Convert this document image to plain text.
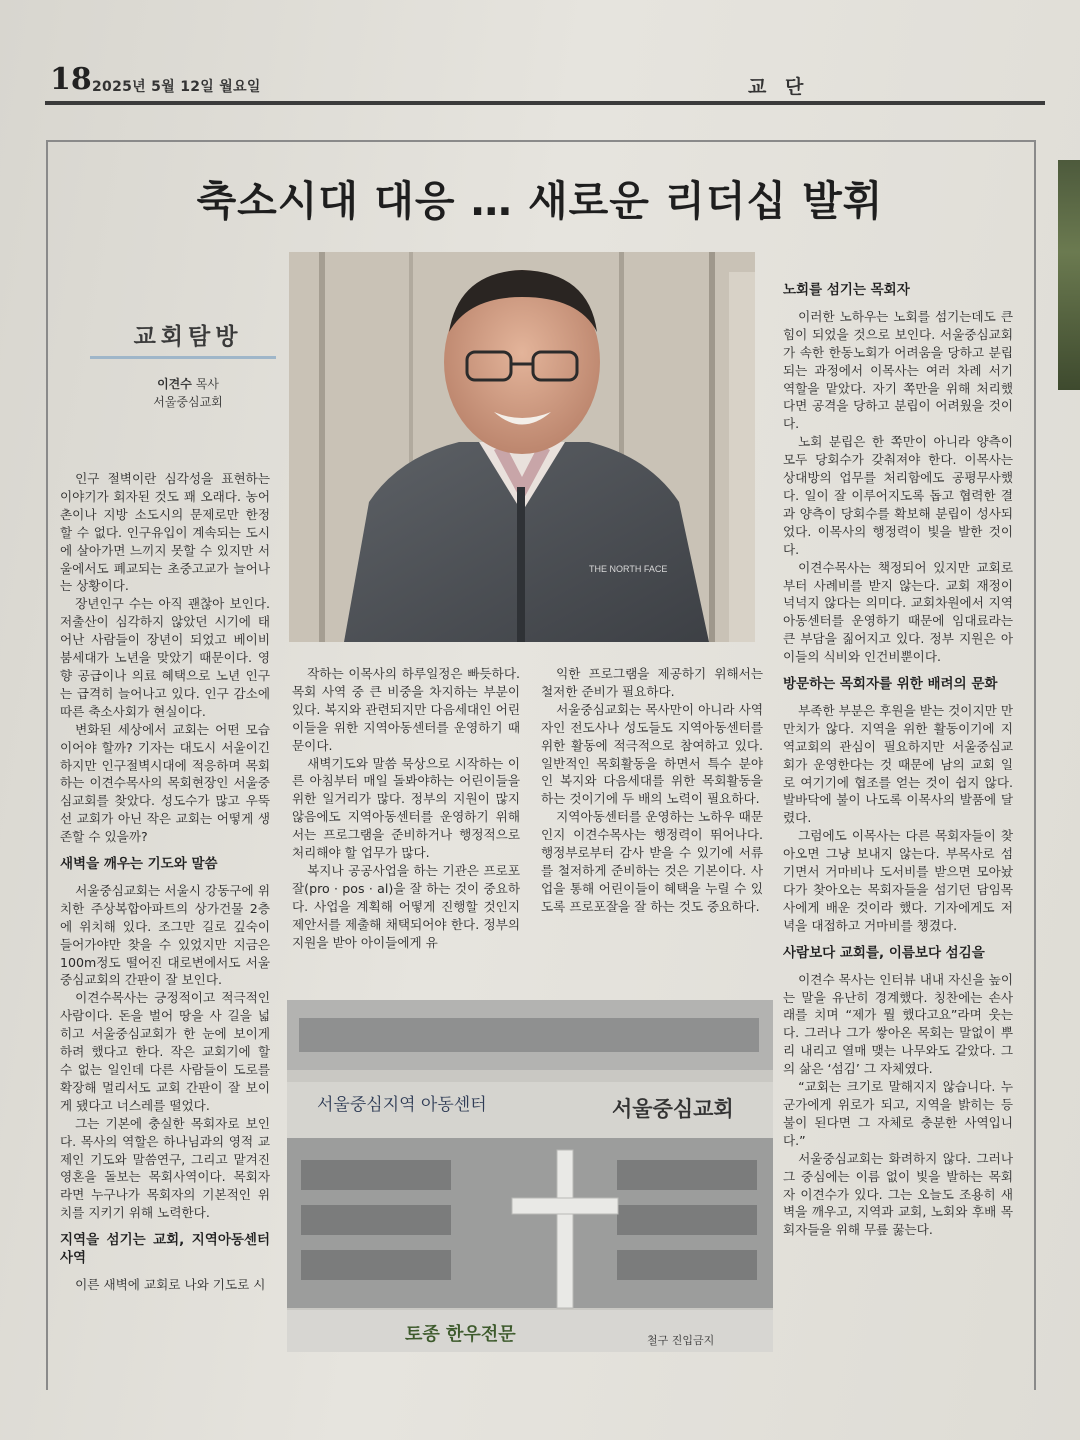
18 2025년 5월 12일 월요일	교 단
축소시대 대응 … 새로운 리더십 발휘
교회탐방
이견수 목사
서울중심교회
THE NORTH FACE
서울중심지역 아동센터	서울중심교회
토종 한우전문	철구 진입금지

인구 절벽이란 심각성을 표현하는 이야기가 회자된 것도 꽤 오래다. 농어촌이나 지방 소도시의 문제로만 한정할 수 없다. 인구유입이 계속되는 도시에 살아가면 느끼지 못할 수 있지만 서울에서도 폐교되는 초중고교가 늘어나는 상황이다.

장년인구 수는 아직 괜찮아 보인다. 저출산이 심각하지 않았던 시기에 태어난 사람들이 장년이 되었고 베이비붐세대가 노년을 맞았기 때문이다. 영향 공급이나 의료 혜택으로 노년 인구는 급격히 늘어나고 있다. 인구 감소에 따른 축소사회가 현실이다.

변화된 세상에서 교회는 어떤 모습이어야 할까? 기자는 대도시 서울이긴 하지만 인구절벽시대에 적응하며 목회하는 이견수목사의 목회현장인 서울중심교회를 찾았다. 성도수가 많고 우뚝 선 교회가 아닌 작은 교회는 어떻게 생존할 수 있을까?

새벽을 깨우는 기도와 말씀

서울중심교회는 서울시 강동구에 위치한 주상복합아파트의 상가건물 2층에 위치해 있다. 조그만 길로 깊숙이 들어가야만 찾을 수 있었지만 지금은 100m정도 떨어진 대로변에서도 서울중심교회의 간판이 잘 보인다.

이견수목사는 긍정적이고 적극적인 사람이다. 돈을 벌어 땅을 사 길을 넓히고 서울중심교회가 한 눈에 보이게 하려 했다고 한다. 작은 교회기에 할 수 없는 일인데 다른 사람들이 도로를 확장해 멀리서도 교회 간판이 잘 보이게 됐다고 너스레를 떨었다.

그는 기본에 충실한 목회자로 보인다. 목사의 역할은 하나님과의 영적 교제인 기도와 말씀연구, 그리고 맡겨진 영혼을 돌보는 목회사역이다. 목회자라면 누구나가 목회자의 기본적인 위치를 지키기 위해 노력한다.

지역을 섬기는 교회, 지역아동센터 사역

이른 새벽에 교회로 나와 기도로 시

작하는 이목사의 하루일정은 빠듯하다. 목회 사역 중 큰 비중을 차지하는 부분이 있다. 복지와 관련되지만 다음세대인 어린이들을 위한 지역아동센터를 운영하기 때문이다.

새벽기도와 말씀 묵상으로 시작하는 이른 아침부터 매일 돌봐야하는 어린이들을 위한 일거리가 많다. 정부의 지원이 많지 않음에도 지역아동센터를 운영하기 위해서는 프로그램을 준비하거나 행정적으로 처리해야 할 업무가 많다.

복지나 공공사업을 하는 기관은 프로포잘(pro · pos · al)을 잘 하는 것이 중요하다. 사업을 계획해 어떻게 진행할 것인지 제안서를 제출해 채택되어야 한다. 정부의 지원을 받아 아이들에게 유

익한 프로그램을 제공하기 위해서는 철저한 준비가 필요하다.

서울중심교회는 목사만이 아니라 사역자인 전도사나 성도들도 지역아동센터를 위한 활동에 적극적으로 참여하고 있다. 일반적인 목회활동을 하면서 특수 분야인 복지와 다음세대를 위한 목회활동을 하는 것이기에 두 배의 노력이 필요하다.

지역아동센터를 운영하는 노하우 때문인지 이견수목사는 행정력이 뛰어나다. 행정부로부터 감사 받을 수 있기에 서류를 철저하게 준비하는 것은 기본이다. 사업을 통해 어린이들이 혜택을 누릴 수 있도록 프로포잘을 잘 하는 것도 중요하다.

노회를 섬기는 목회자

이러한 노하우는 노회를 섬기는데도 큰 힘이 되었을 것으로 보인다. 서울중심교회가 속한 한동노회가 어려움을 당하고 분립되는 과정에서 이목사는 여러 차례 서기 역할을 맡았다. 자기 쪽만을 위해 처리했다면 공격을 당하고 분립이 어려웠을 것이다.

노회 분립은 한 쪽만이 아니라 양측이 모두 당회수가 갖춰져야 한다. 이목사는 상대방의 업무를 처리함에도 공평무사했다. 일이 잘 이루어지도록 돕고 협력한 결과 양측이 당회수를 확보해 분립이 성사되었다. 이목사의 행정력이 빛을 발한 것이다.

이견수목사는 책정되어 있지만 교회로부터 사례비를 받지 않는다. 교회 재정이 넉넉지 않다는 의미다. 교회차원에서 지역아동센터를 운영하기 때문에 임대료라는 큰 부담을 짊어지고 있다. 정부 지원은 아이들의 식비와 인건비뿐이다.

방문하는 목회자를 위한 배려의 문화

부족한 부분은 후원을 받는 것이지만 만만치가 않다. 지역을 위한 활동이기에 지역교회의 관심이 필요하지만 서울중심교회가 운영한다는 것 때문에 남의 교회 일로 여기기에 협조를 얻는 것이 쉽지 않다. 발바닥에 불이 나도록 이목사의 발품에 달렸다.

그럼에도 이목사는 다른 목회자들이 찾아오면 그냥 보내지 않는다. 부목사로 섬기면서 거마비나 도서비를 받으면 모아놨다가 찾아오는 목회자들을 섬기던 담임목사에게 배운 것이라 했다. 기자에게도 저녁을 대접하고 거마비를 챙겼다.

사람보다 교회를, 이름보다 섬김을

이견수 목사는 인터뷰 내내 자신을 높이는 말을 유난히 경계했다. 칭찬에는 손사래를 치며 “제가 뭘 했다고요”라며 웃는다. 그러나 그가 쌓아온 목회는 말없이 뿌리 내리고 열매 맺는 나무와도 같았다. 그의 삶은 ‘섬김’ 그 자체였다.

“교회는 크기로 말해지지 않습니다. 누군가에게 위로가 되고, 지역을 밝히는 등불이 된다면 그 자체로 충분한 사역입니다.”

서울중심교회는 화려하지 않다. 그러나 그 중심에는 이름 없이 빛을 발하는 목회자 이견수가 있다. 그는 오늘도 조용히 새벽을 깨우고, 지역과 교회, 노회와 후배 목회자들을 위해 무릎 꿇는다.
